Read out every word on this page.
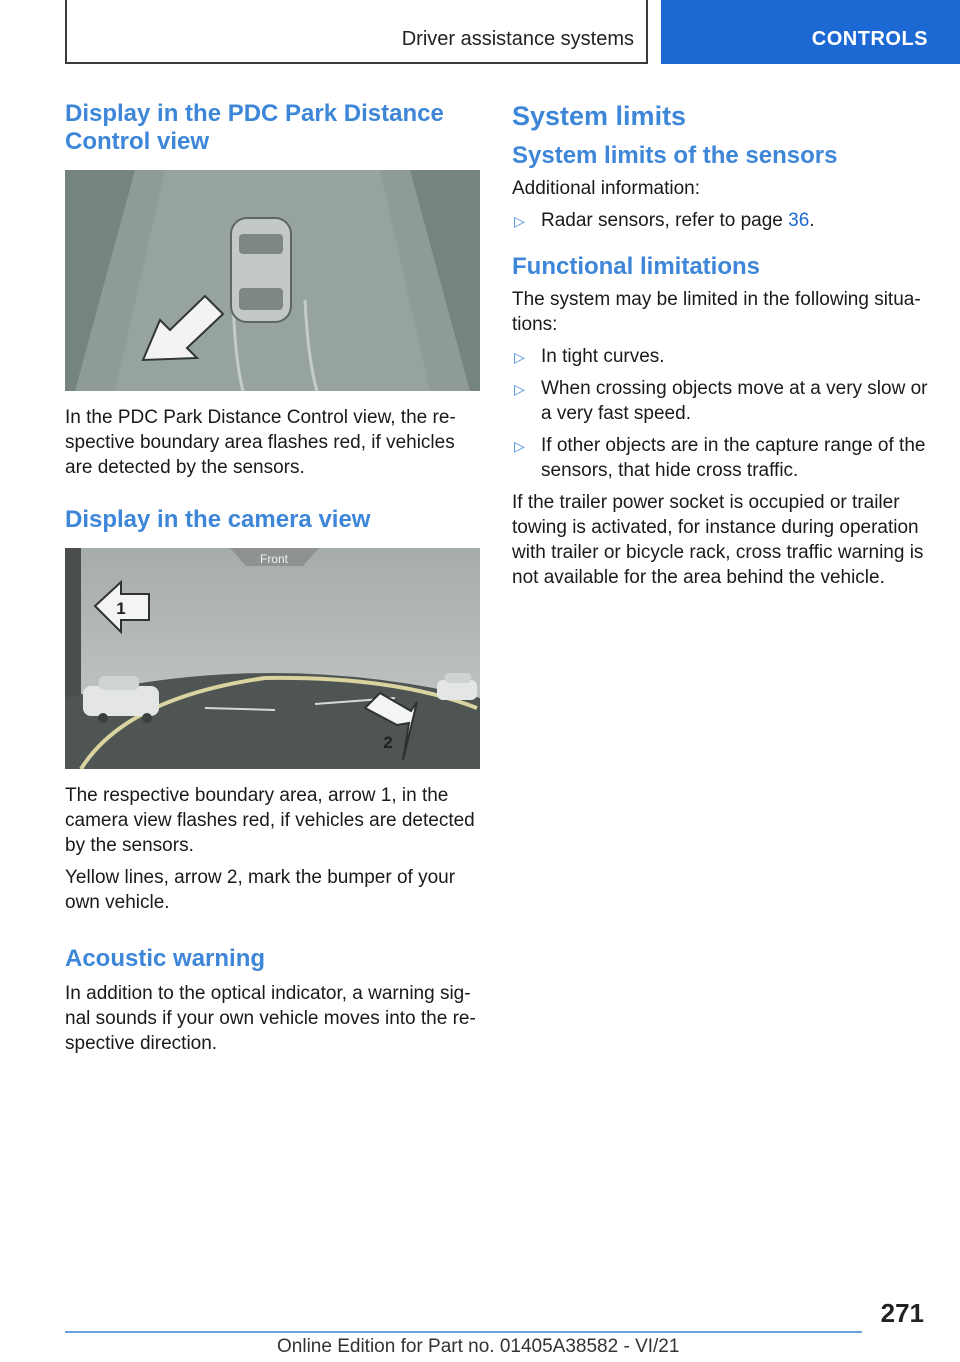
Driver assistance systems	CONTROLS
Display in the PDC Park Distance Control view

In the PDC Park Distance Control view, the re‐spective boundary area flashes red, if vehicles are detected by the sensors.

Display in the camera view
Front
1
2

The respective boundary area, arrow 1, in the camera view flashes red, if vehicles are detected by the sensors.

Yellow lines, arrow 2, mark the bumper of your own vehicle.

Acoustic warning

In addition to the optical indicator, a warning sig‐nal sounds if your own vehicle moves into the re‐spective direction.

System limits
System limits of the sensors

Additional information:

▷ Radar sensors, refer to page 36.
Functional limitations

The system may be limited in the following situa‐tions:

▷ In tight curves.
▷ When crossing objects move at a very slow or a very fast speed.
▷ If other objects are in the capture range of the sensors, that hide cross traffic.

If the trailer power socket is occupied or trailer towing is activated, for instance during operation with trailer or bicycle rack, cross traffic warning is not available for the area behind the vehicle.

271
Online Edition for Part no. 01405A38582 - VI/21
